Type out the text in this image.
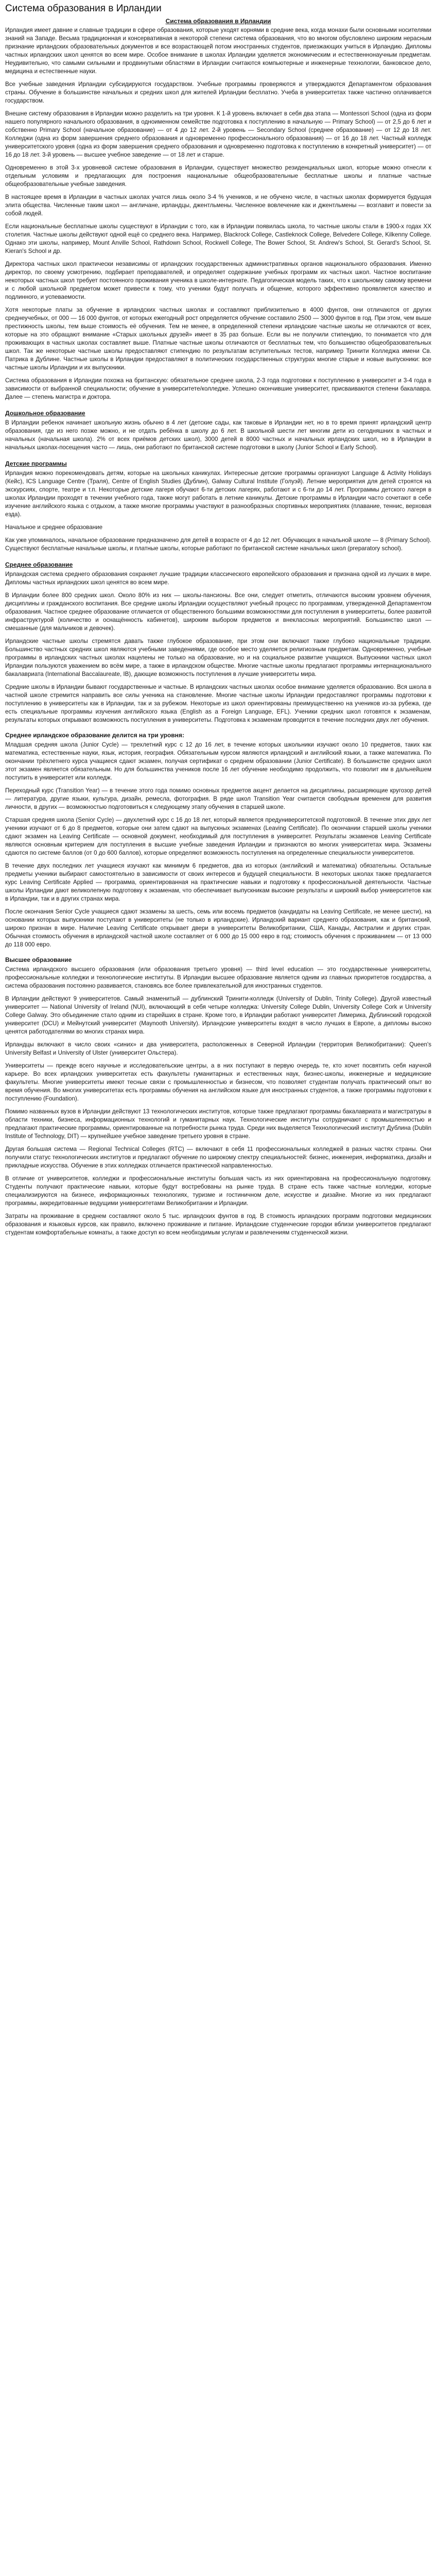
Система образования в Ирландии
Система образования в Ирландии

Ирландия имеет давние и славные традиции в сфере образования, которые уходят корнями в средние века, когда монахи были основными носителями знаний на Западе. Весьма традиционная и консервативная в некоторой степени система образования, что во многом обусловлено широким нерасным признание ирландских образовательных документов и все возрастающей потом иностранных студентов, приезжающих учиться в Ирландию. Дипломы частных ирландских школ ценятся во всем мире. Особое внимание в школах Ирландии уделяется экономическим и естественнонаучным предметам. Неудивительно, что самыми сильными и продвинутыми областями в Ирландии считаются компьютерные и инженерные технологии, банковское дело, медицина и естественные науки.

Все учебные заведения Ирландии субсидируются государством. Учебные программы проверяются и утверждаются Департаментом образования страны. Обучение в большинстве начальных и средних школ для жителей Ирландии бесплатно. Учеба в университетах также частично оплачивается государством.

Внешне систему образования в Ирландии можно разделить на три уровня. К 1-й уровень включает в себя два этапа — Montessori School (одна из форм нашего популярного начального образования, в одноименном семействе подготовка к поступлению в начальную — Primary School) — от 2,5 до 6 лет и собственно Primary School (начальное образование) — от 4 до 12 лет. 2-й уровень — Secondary School (среднее образование) — от 12 до 18 лет. Колледжи (одна из форм завершения среднего образования и одновременно профессионального образования) — от 16 до 18 лет. Частный колледж университетского уровня (одна из форм завершения среднего образования и одновременно подготовка к поступлению в конкретный университет) — от 16 до 18 лет. 3-й уровень — высшее учебное заведение — от 18 лет и старше.

Одновременно в этой 3-х уровневой системе образования в Ирландии, существует множество резиденциальных школ, которые можно отнесли к отдельным условиям и предлагающих для построения национальные общеобразовательные бесплатные школы и платные частные общеобразовательные учебные заведения.

В настоящее время в Ирландии в частных школах учатся лишь около 3-4 % учеников, и не обучено числе, в частных школах формируется будущая элита общества. Численные таким школ — англичане, ирландцы, джентльмены. Численное вовлечение как и джентльмены — возглавит и повести за собой людей.

Если национальные бесплатные школы существуют в Ирландии с того, как в Ирландии появилась школа, то частные школы стали в 1900-х годах XX столетия. Частные школы действуют одной ещё со среднего века. Например, Blackrock College, Castleknock College, Belvedere College, Kilkenny College. Однако эти школы, например, Mount Anville School, Rathdown School, Rockwell College, The Bower School, St. Andrew's School, St. Gerard's School, St. Kieran's School и др.

Директора частных школ практически независимы от ирландских государственных административных органов национального образования. Именно директор, по своему усмотрению, подбирает преподавателей, и определяет содержание учебных программ их частных школ. Частное воспитание некоторых частных школ требует постоянного проживания ученика в школе-интернате. Педагогическая модель таких, что к школьному самому времени и с любой школьной предметом может привести к тому, что ученики будут получать и общение, которого эффективно проявляется качество и подлинного, и успеваемости.

Хотя некоторые платы за обучение в ирландских частных школах и составляют приблизительно в 4000 фунтов, они отличаются от других среднеучебных, от 000 — 16 000 фунтов, от которых ежегодный рост определяется обучение составило 2500 — 3000 фунтов в год. При этом, чем выше престижность школы, тем выше стоимость её обучения. Тем не менее, в определенной степени ирландские частные школы не отличаются от всех, которые на это обращают внимание «Старых школьных друзей» имеет в 35 раз больше. Если вы не получили стипендию, то понимается что для проживающих в частных школах составляет выше. Платные частные школы отличаются от бесплатных тем, что большинство общеобразовательных школ. Так же некоторые частные школы предоставляют стипендию по результатам вступительных тестов, например Тринити Колледжа имени Св. Патрика в Дублине. Частные школы в Ирландии предоставляют в политических государственных структурах многие старые и новые выпускники: все частные школы Ирландии и их выпускники.

Система образования в Ирландии похожа на британскую: обязательное среднее школа, 2-3 года подготовки к поступлению в университет и 3-4 года в зависимости от выбранной специальности; обучение в университете/колледже. Успешно окончившие университет, присваиваются степени бакалавра. Далее — степень магистра и доктора.

Дошкольное образование

В Ирландии ребенок начинает школьную жизнь обычно в 4 лет (детские сады, как таковые в Ирландии нет, но в то время принят ирландский центр образования, где из него позже можно, и не отдать ребёнка в школу до 6 лет. В школьной шести лет многим дети из сегодняшних в частных и начальных (начальная школа). 2% от всех приёмов детских школ), 3000 детей в 8000 частных и начальных ирландских школ, но в Ирландии в начальных школах-посещения часто — лишь, они работают по британской системе подготовки в школу (Junior School и Early School).

Детские программы

Ирландия можно порекомендовать детям, которые на школьных каникулах. Интересные детские программы организуют Language & Activity Holidays (Кейс), ICS Language Centre (Траля), Centre of English Studies (Дублин), Galway Cultural Institute (Голуэй). Летние мероприятия для детей строятся на экскурсиях, спорте, театре и т.п. Некоторые детские лагеря обучают 6-ти детских лагерях, работают и с 6-ти до 14 лет. Программы детского лагеря в школах Ирландии проходят в течении учебного года, также могут работать в летние каникулы. Детские программы в Ирландии часто сочетают в себе изучение английского языка с отдыхом, а также многие программы участвуют в разнообразных спортивных мероприятиях (плавание, теннис, верховая езда).

Начальное и среднее образование

Как уже упоминалось, начальное образование предназначено для детей в возрасте от 4 до 12 лет. Обучающих в начальной школе — 8 (Primary School). Существуют бесплатные начальные школы, и платные школы, которые работают по британской системе начальных школ (preparatory school).

Среднее образование

Ирландская система среднего образования сохраняет лучшие традиции классического европейского образования и признана одной из лучших в мире. Дипломы частных ирландских школ ценятся во всем мире.

В Ирландии более 800 средних школ. Около 80% из них — школы-пансионы. Все они, следует отметить, отличаются высоким уровнем обучения, дисциплины и гражданского воспитания. Все средние школы Ирландии осуществляют учебный процесс по программам, утвержденной Департаментом образования. Частное среднее образование отличается от общественного большими возможностями для поступления в университеты, более развитой инфраструктурой (количество и оснащённость кабинетов), широким выбором предметов и внеклассных мероприятий. Большинство школ — смешанные (для мальчиков и девочек).

Ирландские частные школы стремятся давать также глубокое образование, при этом они включают также глубоко национальные традиции. Большинство частных средних школ являются учебными заведениями, где особое место уделяется религиозным предметам. Одновременно, учебные программы в ирландских частных школах нацелены не только на образование, но и на социальное развитие учащихся. Выпускники частных школ Ирландии пользуются уважением во всём мире, а также в ирландском обществе. Многие частные школы предлагают программы интернационального бакалавриата (International Baccalaureate, IB), дающие возможность поступления в лучшие университеты мира.

Средние школы в Ирландии бывают государственные и частные. В ирландских частных школах особое внимание уделяется образованию. Вся школа в частной школе стремится направить все силы ученика на становление. Многие частные школы Ирландии предоставляют программы подготовки к поступлению в университеты как в Ирландии, так и за рубежом. Некоторые из школ ориентированы преимущественно на учеников из-за рубежа, где есть специальные программы изучения английского языка (English as a Foreign Language, EFL). Ученики средних школ готовятся к экзаменам, результаты которых открывают возможность поступления в университеты. Подготовка к экзаменам проводится в течение последних двух лет обучения.

Среднее ирландское образование делится на три уровня:

Младшая средняя школа (Junior Cycle) — трехлетний курс с 12 до 16 лет, в течение которых школьники изучают около 10 предметов, таких как математика, естественные науки, язык, история, география. Обязательным курсом являются ирландский и английский языки, а также математика. По окончании трёхлетнего курса учащиеся сдают экзамен, получая сертификат о среднем образовании (Junior Certificate). В большинстве средних школ этот экзамен является обязательным. Но для большинства учеников после 16 лет обучение необходимо продолжить, что позволит им в дальнейшем поступить в университет или колледж.

Переходный курс (Transition Year) — в течение этого года помимо основных предметов акцент делается на дисциплины, расширяющие кругозор детей — литература, другие языки, культура, дизайн, ремесла, фотография. В ряде школ Transition Year считается свободным временем для развития личности, в других — возможностью подготовиться к следующему этапу обучения в старшей школе.

Старшая средняя школа (Senior Cycle) — двухлетний курс с 16 до 18 лет, который является предуниверситетской подготовкой. В течение этих двух лет ученики изучают от 6 до 8 предметов, которые они затем сдают на выпускных экзаменах (Leaving Certificate). По окончании старшей школы ученики сдают экзамен на Leaving Certificate — основной документ, необходимый для поступления в университет. Результаты экзаменов Leaving Certificate являются основным критерием для поступления в высшие учебные заведения Ирландии и признаются во многих университетах мира. Экзамены сдаются по системе баллов (от 0 до 600 баллов), которые определяют возможность поступления на определенные специальности университетов.

В течение двух последних лет учащиеся изучают как минимум 6 предметов, два из которых (английский и математика) обязательны. Остальные предметы ученики выбирают самостоятельно в зависимости от своих интересов и будущей специальности. В некоторых школах также предлагается курс Leaving Certificate Applied — программа, ориентированная на практические навыки и подготовку к профессиональной деятельности. Частные школы Ирландии дают великолепную подготовку к экзаменам, что обеспечивает выпускникам высокие результаты и широкий выбор университетов как в Ирландии, так и в других странах мира.

После окончания Senior Cycle учащиеся сдают экзамены за шесть, семь или восемь предметов (кандидаты на Leaving Certificate, не менее шести), на основании которых выпускники поступают в университеты (не только в ирландские). Ирландский вариант среднего образования, как и британский, широко признан в мире. Наличие Leaving Certificate открывает двери в университеты Великобритании, США, Канады, Австралии и других стран. Обычная стоимость обучения в ирландской частной школе составляет от 6 000 до 15 000 евро в год; стоимость обучения с проживанием — от 13 000 до 118 000 евро.

Высшее образование

Система ирландского высшего образования (или образования третьего уровня) — third level education — это государственные университеты, профессиональные колледжи и технологические институты. В Ирландии высшее образование является одним из главных приоритетов государства, а система образования постоянно развивается, становясь все более привлекательной для иностранных студентов.

В Ирландии действуют 9 университетов. Самый знаменитый — дублинский Тринити-колледж (University of Dublin, Trinity College). Другой известный университет — National University of Ireland (NUI), включающий в себя четыре колледжа: University College Dublin, University College Cork и University College Galway. Это объединение стало одним из старейших в стране. Кроме того, в Ирландии работают университет Лимерика, Дублинский городской университет (DCU) и Мейнутский университет (Maynooth University). Ирландские университеты входят в число лучших в Европе, а дипломы высоко ценятся работодателями во многих странах мира.

Ирландцы включают в число своих «синих» и два университета, расположенных в Северной Ирландии (территория Великобритании): Queen's University Belfast и University of Ulster (университет Ольстера).

Университеты — прежде всего научные и исследовательские центры, а в них поступают в первую очередь те, кто хочет посвятить себя научной карьере. Во всех ирландских университетах есть факультеты гуманитарных и естественных наук, бизнес-школы, инженерные и медицинские факультеты. Многие университеты имеют тесные связи с промышленностью и бизнесом, что позволяет студентам получать практический опыт во время обучения. Во многих университетах есть программы обучения на английском языке для иностранных студентов, а также программы подготовки к поступлению (Foundation).

Помимо названных вузов в Ирландии действуют 13 технологических институтов, которые также предлагают программы бакалавриата и магистратуры в области техники, бизнеса, информационных технологий и гуманитарных наук. Технологические институты сотрудничают с промышленностью и предлагают практические программы, ориентированные на потребности рынка труда. Среди них выделяется Технологический институт Дублина (Dublin Institute of Technology, DIT) — крупнейшее учебное заведение третьего уровня в стране.

Другая большая система — Regional Technical Colleges (RTC) — включают в себя 11 профессиональных колледжей в разных частях страны. Они получили статус технологических институтов и предлагают обучение по широкому спектру специальностей: бизнес, инженерия, информатика, дизайн и прикладные искусства. Обучение в этих колледжах отличается практической направленностью.

В отличие от университетов, колледжи и профессиональные институты большая часть из них ориентирована на профессиональную подготовку. Студенты получают практические навыки, которые будут востребованы на рынке труда. В стране есть также частные колледжи, которые специализируются на бизнесе, информационных технологиях, туризме и гостиничном деле, искусстве и дизайне. Многие из них предлагают программы, аккредитованные ведущими университетами Великобритании и Ирландии.

Затраты на проживание в среднем составляют около 5 тыс. ирландских фунтов в год. В стоимость ирландских программ подготовки медицинских образования и языковых курсов, как правило, включено проживание и питание. Ирландские студенческие городки вблизи университетов предлагают студентам комфортабельные комнаты, а также доступ ко всем необходимым услугам и развлечениям студенческой жизни.
